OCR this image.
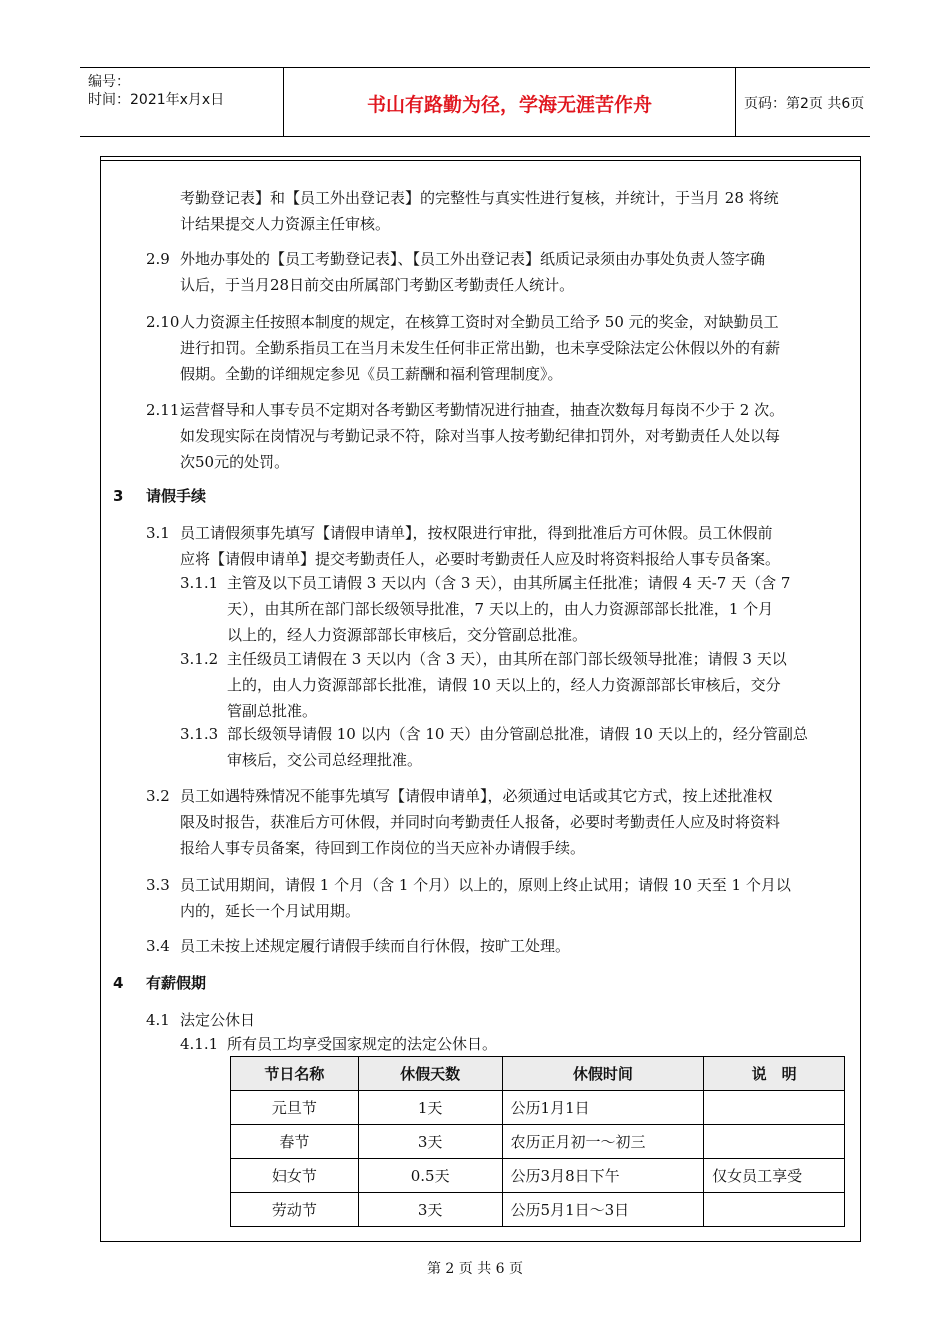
编号：
时间：2021年x月x日	书山有路勤为径，学海无涯苦作舟	页码：第2页 共6页
考勤登记表】和【员工外出登记表】的完整性与真实性进行复核，并统计，于当月 28 将统
计结果提交人力资源主任审核。
2.9 外地办事处的【员工考勤登记表】、【员工外出登记表】纸质记录须由办事处负责人签字确
认后，于当月28日前交由所属部门考勤区考勤责任人统计。
2.10 人力资源主任按照本制度的规定，在核算工资时对全勤员工给予 50 元的奖金，对缺勤员工
进行扣罚。全勤系指员工在当月未发生任何非正常出勤，也未享受除法定公休假以外的有薪
假期。全勤的详细规定参见《员工薪酬和福利管理制度》。
2.11 运营督导和人事专员不定期对各考勤区考勤情况进行抽查，抽查次数每月每岗不少于 2 次。
如发现实际在岗情况与考勤记录不符，除对当事人按考勤纪律扣罚外，对考勤责任人处以每
次50元的处罚。
3 请假手续
3.1 员工请假须事先填写【请假申请单】，按权限进行审批，得到批准后方可休假。员工休假前
应将【请假申请单】提交考勤责任人，必要时考勤责任人应及时将资料报给人事专员备案。
3.1.1 主管及以下员工请假 3 天以内（含 3 天），由其所属主任批准；请假 4 天-7 天（含 7
天），由其所在部门部长级领导批准，7 天以上的，由人力资源部部长批准，1 个月
以上的，经人力资源部部长审核后，交分管副总批准。
3.1.2 主任级员工请假在 3 天以内（含 3 天），由其所在部门部长级领导批准；请假 3 天以
上的，由人力资源部部长批准，请假 10 天以上的，经人力资源部部长审核后，交分
管副总批准。
3.1.3 部长级领导请假 10 以内（含 10 天）由分管副总批准，请假 10 天以上的，经分管副总
审核后，交公司总经理批准。
3.2 员工如遇特殊情况不能事先填写【请假申请单】，必须通过电话或其它方式，按上述批准权
限及时报告，获准后方可休假，并同时向考勤责任人报备，必要时考勤责任人应及时将资料
报给人事专员备案，待回到工作岗位的当天应补办请假手续。
3.3 员工试用期间，请假 1 个月（含 1 个月）以上的，原则上终止试用；请假 10 天至 1 个月以
内的，延长一个月试用期。
3.4 员工未按上述规定履行请假手续而自行休假，按旷工处理。
4 有薪假期
4.1 法定公休日
4.1.1 所有员工均享受国家规定的法定公休日。
节日名称	休假天数	休假时间	说　明
元旦节	1天	公历1月1日	
春节	3天	农历正月初一～初三	
妇女节	0.5天	公历3月8日下午	仅女员工享受
劳动节	3天	公历5月1日～3日	
第 2 页 共 6 页
